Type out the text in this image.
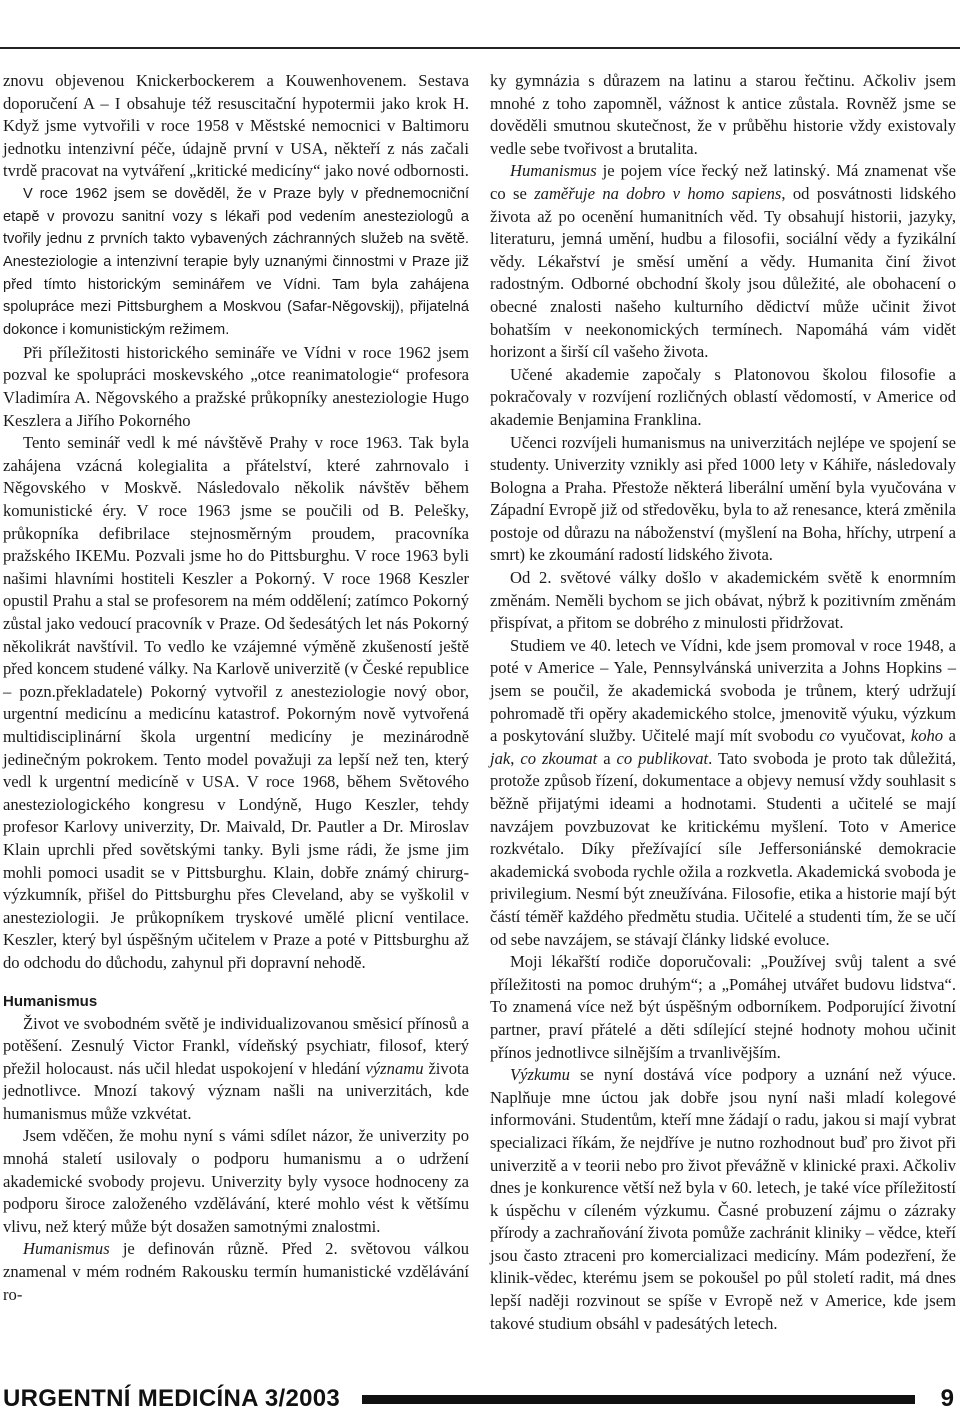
znovu objevenou Knickerbockerem a Kouwenhovenem. Sestava doporučení A – I obsahuje též resuscitační hypotermii jako krok H. Když jsme vytvořili v roce 1958 v Městské nemocnici v Baltimoru jednotku intenzivní péče, údajně první v USA, někteří z nás začali tvrdě pracovat na vytváření „kritické medicíny“ jako nové odbornosti.

V roce 1962 jsem se dověděl, že v Praze byly v přednemocniční etapě v provozu sanitní vozy s lékaři pod vedením anesteziologů a tvořily jednu z prvních takto vybavených záchranných služeb na světě. Anesteziologie a intenzivní terapie byly uznanými činnostmi v Praze již před tímto historickým seminářem ve Vídni. Tam byla zahájena spolupráce mezi Pittsburghem a Moskvou (Safar-Něgovskij), přijatelná dokonce i komunistickým režimem.

Při příležitosti historického semináře ve Vídni v roce 1962 jsem pozval ke spolupráci moskevského „otce reanimatologie“ profesora Vladimíra A. Něgovského a pražské průkopníky anesteziologie Hugo Keszlera a Jiřího Pokorného

Tento seminář vedl k mé návštěvě Prahy v roce 1963. Tak byla zahájena vzácná kolegialita a přátelství, které zahrnovalo i Něgovského v Moskvě. Následovalo několik návštěv během komunistické éry. V roce 1963 jsme se poučili od B. Pelešky, průkopníka defibrilace stejnosměrným proudem, pracovníka pražského IKEMu. Pozvali jsme ho do Pittsburghu. V roce 1963 byli našimi hlavními hostiteli Keszler a Pokorný. V roce 1968 Keszler opustil Prahu a stal se profesorem na mém oddělení; zatímco Pokorný zůstal jako vedoucí pracovník v Praze. Od šedesátých let nás Pokorný několikrát navštívil. To vedlo ke vzájemné výměně zkušeností ještě před koncem studené války. Na Karlově univerzitě (v České republice – pozn.překladatele) Pokorný vytvořil z anesteziologie nový obor, urgentní medicínu a medicínu katastrof. Pokorným nově vytvořená multidisciplinární škola urgentní medicíny je mezinárodně jedinečným pokrokem. Tento model považuji za lepší než ten, který vedl k urgentní medicíně v USA. V roce 1968, během Světového anesteziologického kongresu v Londýně, Hugo Keszler, tehdy profesor Karlovy univerzity, Dr. Maivald, Dr. Pautler a Dr. Miroslav Klain uprchli před sovětskými tanky. Byli jsme rádi, že jsme jim mohli pomoci usadit se v Pittsburghu. Klain, dobře známý chirurg-výzkumník, přišel do Pittsburghu přes Cleveland, aby se vyškolil v anesteziologii. Je průkopníkem tryskové umělé plicní ventilace. Keszler, který byl úspěšným učitelem v Praze a poté v Pittsburghu až do odchodu do důchodu, zahynul při dopravní nehodě.

Humanismus

Život ve svobodném světě je individualizovanou směsicí přínosů a potěšení. Zesnulý Victor Frankl, vídeňský psychiatr, filosof, který přežil holocaust. nás učil hledat uspokojení v hledání významu života jednotlivce. Mnozí takový význam našli na univerzitách, kde humanismus může vzkvétat.

Jsem vděčen, že mohu nyní s vámi sdílet názor, že univerzity po mnohá staletí usilovaly o podporu humanismu a o udržení akademické svobody projevu. Univerzity byly vysoce hodnoceny za podporu široce založeného vzdělávání, které mohlo vést k většímu vlivu, než který může být dosažen samotnými znalostmi.

Humanismus je definován různě. Před 2. světovou válkou znamenal v mém rodném Rakousku termín humanistické vzdělávání ro-

ky gymnázia s důrazem na latinu a starou řečtinu. Ačkoliv jsem mnohé z toho zapomněl, vážnost k antice zůstala. Rovněž jsme se dověděli smutnou skutečnost, že v průběhu historie vždy existovaly vedle sebe tvořivost a brutalita.

Humanismus je pojem více řecký než latinský. Má znamenat vše co se zaměřuje na dobro v homo sapiens, od posvátnosti lidského života až po ocenění humanitních věd. Ty obsahují historii, jazyky, literaturu, jemná umění, hudbu a filosofii, sociální vědy a fyzikální vědy. Lékařství je směsí umění a vědy. Humanita činí život radostným. Odborné obchodní školy jsou důležité, ale obohacení o obecné znalosti našeho kulturního dědictví může učinit život bohatším v neekonomických termínech. Napomáhá vám vidět horizont a širší cíl vašeho života.

Učené akademie započaly s Platonovou školou filosofie a pokračovaly v rozvíjení rozličných oblastí vědomostí, v Americe od akademie Benjamina Franklina.

Učenci rozvíjeli humanismus na univerzitách nejlépe ve spojení se studenty. Univerzity vznikly asi před 1000 lety v Káhiře, následovaly Bologna a Praha. Přestože některá liberální umění byla vyučována v Západní Evropě již od středověku, byla to až renesance, která změnila postoje od důrazu na náboženství (myšlení na Boha, hříchy, utrpení a smrt) ke zkoumání radostí lidského života.

Od 2. světové války došlo v akademickém světě k enormním změnám. Neměli bychom se jich obávat, nýbrž k pozitivním změnám přispívat, a přitom se dobrého z minulosti přidržovat.

Studiem ve 40. letech ve Vídni, kde jsem promoval v roce 1948, a poté v Americe – Yale, Pennsylvánská univerzita a Johns Hopkins – jsem se poučil, že akademická svoboda je trůnem, který udržují pohromadě tři opěry akademického stolce, jmenovitě výuku, výzkum a poskytování služby. Učitelé mají mít svobodu co vyučovat, koho a jak, co zkoumat a co publikovat. Tato svoboda je proto tak důležitá, protože způsob řízení, dokumentace a objevy nemusí vždy souhlasit s běžně přijatými ideami a hodnotami. Studenti a učitelé se mají navzájem povzbuzovat ke kritickému myšlení. Toto v Americe rozkvétalo. Díky přežívající síle Jeffersoniánské demokracie akademická svoboda rychle ožila a rozkvetla. Akademická svoboda je privilegium. Nesmí být zneužívána. Filosofie, etika a historie mají být částí téměř každého předmětu studia. Učitelé a studenti tím, že se učí od sebe navzájem, se stávají články lidské evoluce.

Moji lékařští rodiče doporučovali: „Používej svůj talent a své příležitosti na pomoc druhým“; a „Pomáhej utvářet budovu lidstva“. To znamená více než být úspěšným odborníkem. Podporující životní partner, praví přátelé a děti sdílející stejné hodnoty mohou učinit přínos jednotlivce silnějším a trvanlivějším.

Výzkumu se nyní dostává více podpory a uznání než výuce. Naplňuje mne úctou jak dobře jsou nyní naši mladí kolegové informováni. Studentům, kteří mne žádají o radu, jakou si mají vybrat specializaci říkám, že nejdříve je nutno rozhodnout buď pro život při univerzitě a v teorii nebo pro život převážně v klinické praxi. Ačkoliv dnes je konkurence větší než byla v 60. letech, je také více příležitostí k úspěchu v cíleném výzkumu. Časné probuzení zájmu o zázraky přírody a zachraňování života pomůže zachránit kliniky – vědce, kteří jsou často ztraceni pro komercializaci medicíny. Mám podezření, že klinik-vědec, kterému jsem se pokoušel po půl století radit, má dnes lepší naději rozvinout se spíše v Evropě než v Americe, kde jsem takové studium obsáhl v padesátých letech.

URGENTNÍ MEDICÍNA 3/2003	9
